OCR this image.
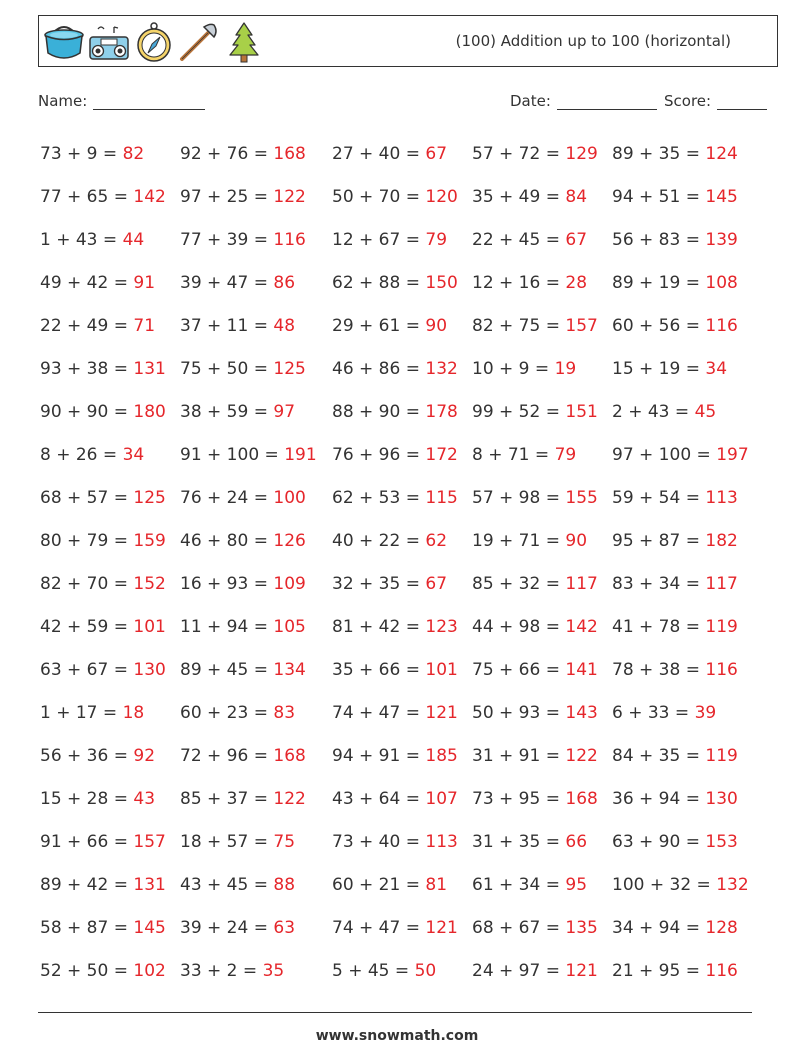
(100) Addition up to 100 (horizontal)
Name:	Date:	Score:
73 + 9 = 82	92 + 76 = 168	27 + 40 = 67	57 + 72 = 129 89 + 35 = 124
77 + 65 = 142 97 + 25 = 122	50 + 70 = 120 35 + 49 = 84	94 + 51 = 145
1 + 43 = 44	77 + 39 = 116	12 + 67 = 79	22 + 45 = 67	56 + 83 = 139
49 + 42 = 91	39 + 47 = 86	62 + 88 = 150 12 + 16 = 28	89 + 19 = 108
22 + 49 = 71	37 + 11 = 48	29 + 61 = 90	82 + 75 = 157 60 + 56 = 116
93 + 38 = 131 75 + 50 = 125	46 + 86 = 132 10 + 9 = 19	15 + 19 = 34
90 + 90 = 180 38 + 59 = 97	88 + 90 = 178 99 + 52 = 151 2 + 43 = 45
8 + 26 = 34	91 + 100 = 191 76 + 96 = 172 8 + 71 = 79	97 + 100 = 197
68 + 57 = 125 76 + 24 = 100	62 + 53 = 115 57 + 98 = 155 59 + 54 = 113
80 + 79 = 159 46 + 80 = 126	40 + 22 = 62	19 + 71 = 90	95 + 87 = 182
82 + 70 = 152 16 + 93 = 109	32 + 35 = 67	85 + 32 = 117 83 + 34 = 117
42 + 59 = 101 11 + 94 = 105	81 + 42 = 123 44 + 98 = 142 41 + 78 = 119
63 + 67 = 130 89 + 45 = 134	35 + 66 = 101 75 + 66 = 141 78 + 38 = 116
1 + 17 = 18	60 + 23 = 83	74 + 47 = 121 50 + 93 = 143 6 + 33 = 39
56 + 36 = 92	72 + 96 = 168	94 + 91 = 185 31 + 91 = 122 84 + 35 = 119
15 + 28 = 43	85 + 37 = 122	43 + 64 = 107 73 + 95 = 168 36 + 94 = 130
91 + 66 = 157 18 + 57 = 75	73 + 40 = 113 31 + 35 = 66	63 + 90 = 153
89 + 42 = 131 43 + 45 = 88	60 + 21 = 81	61 + 34 = 95	100 + 32 = 132
58 + 87 = 145 39 + 24 = 63	74 + 47 = 121 68 + 67 = 135 34 + 94 = 128
52 + 50 = 102 33 + 2 = 35	5 + 45 = 50	24 + 97 = 121 21 + 95 = 116
www.snowmath.com
